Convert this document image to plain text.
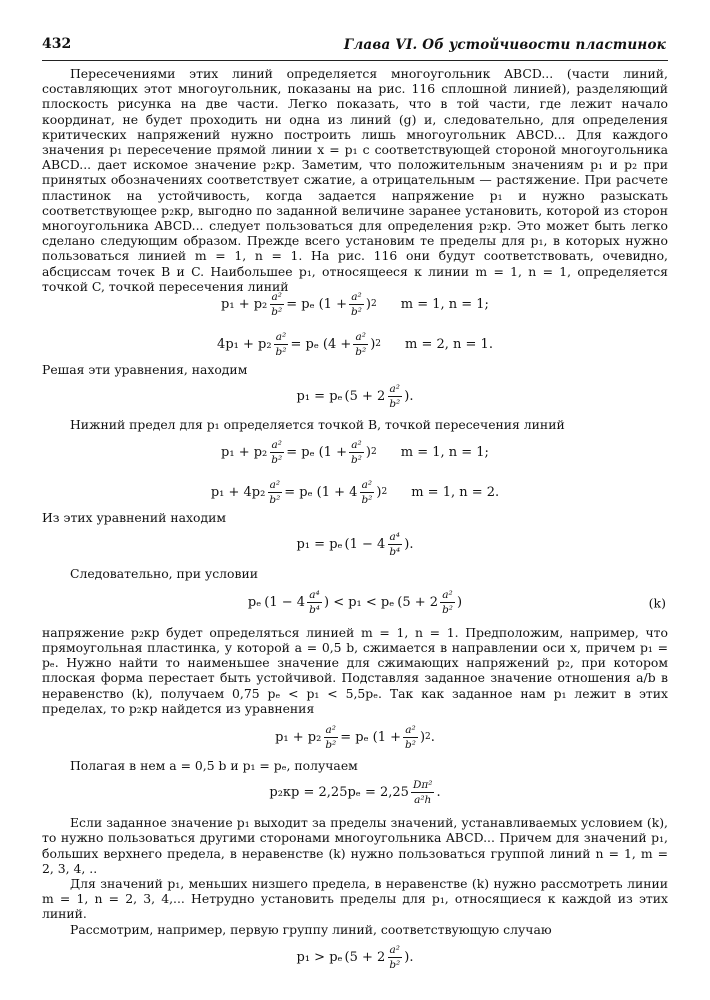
432	Глава VI. Об устойчивости пластинок

Пересечениями этих линий определяется многоугольник ABCD... (части линий, составляющих этот многоугольник, показаны на рис. 116 сплошной линией), разделяющий плоскость рисунка на две части. Легко показать, что в той части, где лежит начало координат, не будет проходить ни одна из линий (g) и, следовательно, для определения критических напряжений нужно построить лишь многоугольник ABCD... Для каждого значения p₁ пересечение прямой линии x = p₁ с соответствующей стороной многоугольника ABCD... дает искомое значение p₂кр. Заметим, что положительным значениям p₁ и p₂ при принятых обозначениях соответствует сжатие, а отрицательным — растяжение. При расчете пластинок на устойчивость, когда задается напряжение p₁ и нужно разыскать соответствующее p₂кр, выгодно по заданной величине заранее установить, которой из сторон многоугольника ABCD... следует пользоваться для определения p₂кр. Это может быть легко сделано следующим образом. Прежде всего установим те пределы для p₁, в которых нужно пользоваться линией m = 1, n = 1. На рис. 116 они будут соответствовать, очевидно, абсциссам точек B и C. Наибольшее p₁, относящееся к линии m = 1, n = 1, определяется точкой C, точкой пересечения линий

$p_1 + p_2 \frac{\text{a²}}{\text{b²}} = p_e$ ($1 + \frac{\text{a²}}{\text{b²}}$ ) 2 m = 1, n = 1;
$4p_1 + p_2 \frac{\text{a²}}{\text{b²}} = p_e$ ($4 + \frac{\text{a²}}{\text{b²}}$ ) 2 m = 2, n = 1.

Решая эти уравнения, находим

p₁ = pₑ (5 + 2 a²
b² ).

Нижний предел для p₁ определяется точкой B, точкой пересечения линий

$p_1 + p_2 \frac{\text{a²}}{\text{b²}} = p_e$ ($1 + \frac{\text{a²}}{\text{b²}}$ ) 2 m = 1, n = 1;
$p_1 + 4p_2 \frac{\text{a²}}{\text{b²}} = p_e$ (1 + 4 a²
b² ) 2 m = 1, n = 2.

Из этих уравнений находим

p₁ = pₑ (1 − 4 a⁴
b⁴ ).

Следовательно, при условии

pₑ (1 − 4 a⁴
b⁴ ) < p₁ < pₑ (5 + 2 a²
b² )	(k)

напряжение p₂кр будет определяться линией m = 1, n = 1. Предположим, например, что прямоугольная пластинка, у которой a = 0,5 b, сжимается в направлении оси x, причем p₁ = pₑ. Нужно найти то наименьшее значение для сжимающих напряжений p₂, при котором плоская форма перестает быть устойчивой. Подставляя заданное значение отношения a/b в неравенство (k), получаем 0,75 pₑ < p₁ < 5,5pₑ. Так как заданное нам p₁ лежит в этих пределах, то p₂кр найдется из уравнения

$p_1 + p_2 \frac{\text{a²}}{\text{b²}} = p_e$ ($1 + \frac{\text{a²}}{\text{b²}}$ ) 2 .

Полагая в нем a = 0,5 b и p₁ = pₑ, получаем

p₂кр = 2,25pₑ = 2,25 Dπ²
a²h .

Если заданное значение p₁ выходит за пределы значений, устанавливаемых условием (k), то нужно пользоваться другими сторонами многоугольника ABCD... Причем для значений p₁, больших верхнего предела, в неравенстве (k) нужно пользоваться группой линий n = 1, m = 2, 3, 4, ..

Для значений p₁, меньших низшего предела, в неравенстве (k) нужно рассмотреть линии m = 1, n = 2, 3, 4,... Нетрудно установить пределы для p₁, относящиеся к каждой из этих линий.

Рассмотрим, например, первую группу линий, соответствующую случаю

p₁ > pₑ (5 + 2 a²
b² ).
